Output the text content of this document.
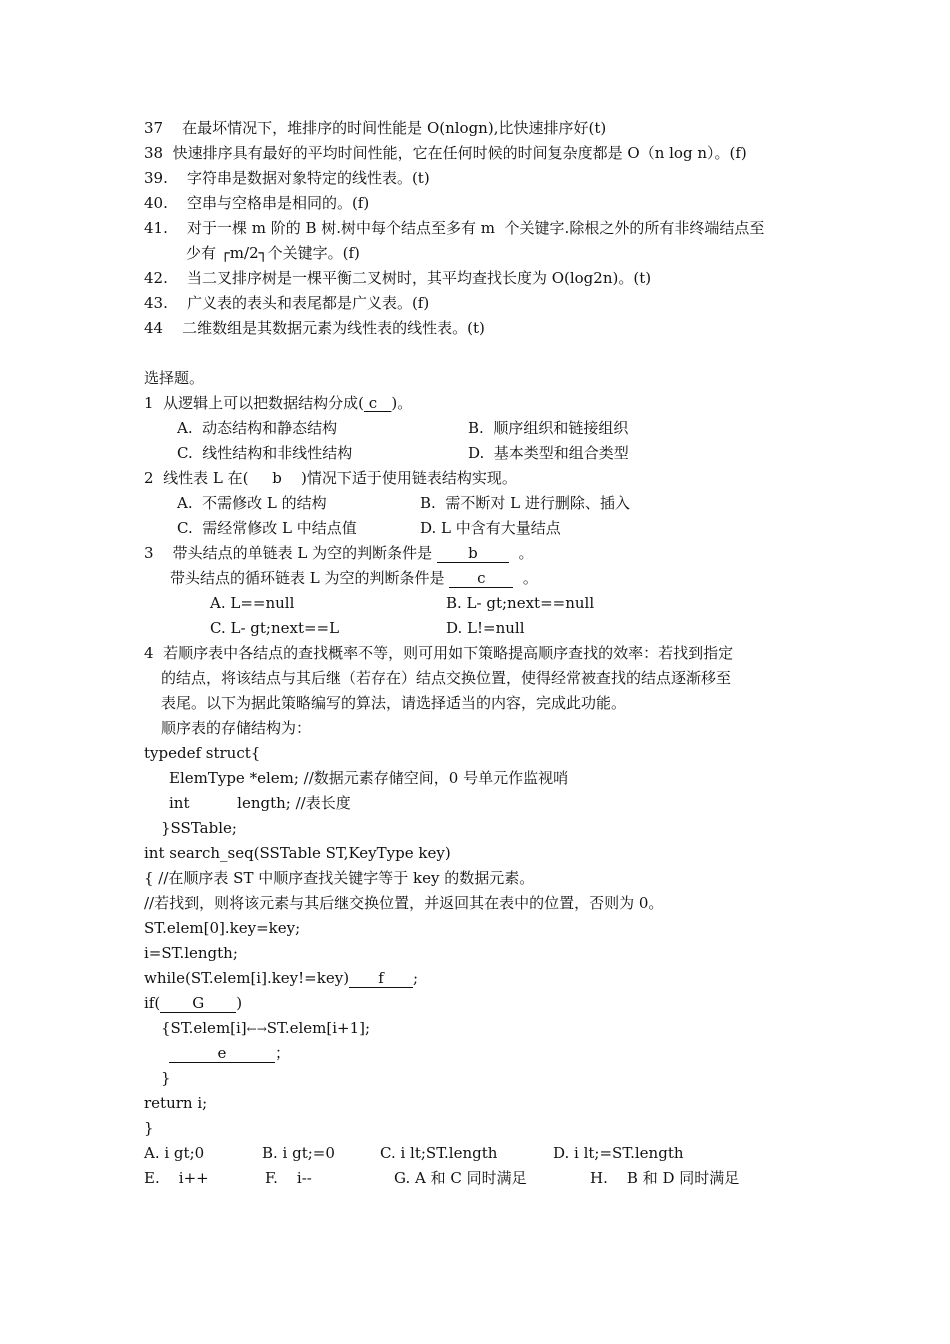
37 在最坏情况下，堆排序的时间性能是 O(nlogn),比快速排序好(t)
38 快速排序具有最好的平均时间性能，它在任何时候的时间复杂度都是 O（n log n）。(f)
39. 字符串是数据对象特定的线性表。(t)
40. 空串与空格串是相同的。(f)
41. 对于一棵 m 阶的 B 树.树中每个结点至多有 m  个关键字.除根之外的所有非终端结点至
少有 ┌m/2┐个关键字。(f)
42. 当二叉排序树是一棵平衡二叉树时，其平均查找长度为 O(log2n)。(t)
43. 广义表的表头和表尾都是广义表。(f)
44 二维数组是其数据元素为线性表的线性表。(t)
选择题。
1  从逻辑上可以把数据结构分成( c   )。
A.  动态结构和静态结构	B.  顺序组织和链接组织
C.  线性结构和非线性结构	D.  基本类型和组合类型
2  线性表 L 在(     b    )情况下适于使用链表结构实现。
A.  不需修改 L 的结构	B.  需不断对 L 进行删除、插入
C.  需经常修改 L 中结点值	D. L 中含有大量结点
3    带头结点的单链表 L 为空的判断条件是 b	。
带头结点的循环链表 L 为空的判断条件是 c 。
A. L==null	B. L- gt;next==null
C. L- gt;next==L	D. L!=null
4  若顺序表中各结点的查找概率不等，则可用如下策略提高顺序查找的效率：若找到指定
的结点，将该结点与其后继（若存在）结点交换位置，使得经常被查找的结点逐渐移至
表尾。以下为据此策略编写的算法，请选择适当的内容，完成此功能。
顺序表的存储结构为：
typedef struct{
ElemType *elem; //数据元素存储空间，0 号单元作监视哨
int          length; //表长度
}SSTable;
int search_seq(SSTable ST,KeyType key)
{ //在顺序表 ST 中顺序查找关键字等于 key 的数据元素。
//若找到，则将该元素与其后继交换位置，并返回其在表中的位置，否则为 0。
ST.elem[0].key=key;
i=ST.length;
while(ST.elem[i].key!=key) f ;
if( G )
{ST.elem[i]←→ST.elem[i+1];
e	；
}
return i;
}
A. i gt;0	B. i gt;=0	C. i lt;ST.length	D. i lt;=ST.length
E.    i++	F.    i--	G. A 和 C 同时满足	H.    B 和 D 同时满足
